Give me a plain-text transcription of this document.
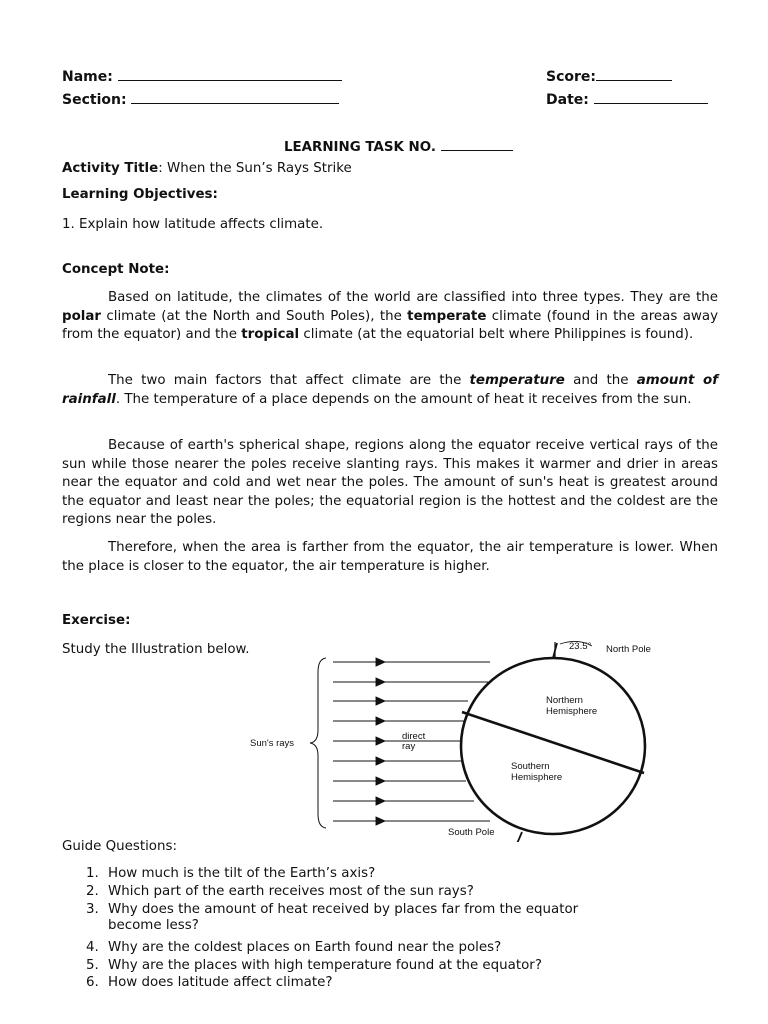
Name:
Section:
Score:
Date:
LEARNING TASK NO.
Activity Title: When the Sun’s Rays Strike
Learning Objectives:
1. Explain how latitude affects climate.
Concept Note:
Based on latitude, the climates of the world are classified into three types. They are the polar climate (at the North and South Poles), the temperate climate (found in the areas away from the equator) and the tropical climate (at the equatorial belt where Philippines is found).
The two main factors that affect climate are the temperature and the amount of rainfall. The temperature of a place depends on the amount of heat it receives from the sun.
Because of earth's spherical shape, regions along the equator receive vertical rays of the sun while those nearer the poles receive slanting rays. This makes it warmer and drier in areas near the equator and cold and wet near the poles. The amount of sun's heat is greatest around the equator and least near the poles; the equatorial region is the hottest and the coldest are the regions near the poles.
Therefore, when the area is farther from the equator, the air temperature is lower. When the place is closer to the equator, the air temperature is higher.
Exercise:
Study the Illustration below.
Sun's rays
direct
ray
23.5° North Pole
South Pole
Northern
Hemisphere
Southern
Hemisphere
Guide Questions:
1. How much is the tilt of the Earth’s axis?
2. Which part of the earth receives most of the sun rays?
3. Why does the amount of heat received by places far from the equator
become less?
4. Why are the coldest places on Earth found near the poles?
5. Why are the places with high temperature found at the equator?
6. How does latitude affect climate?
